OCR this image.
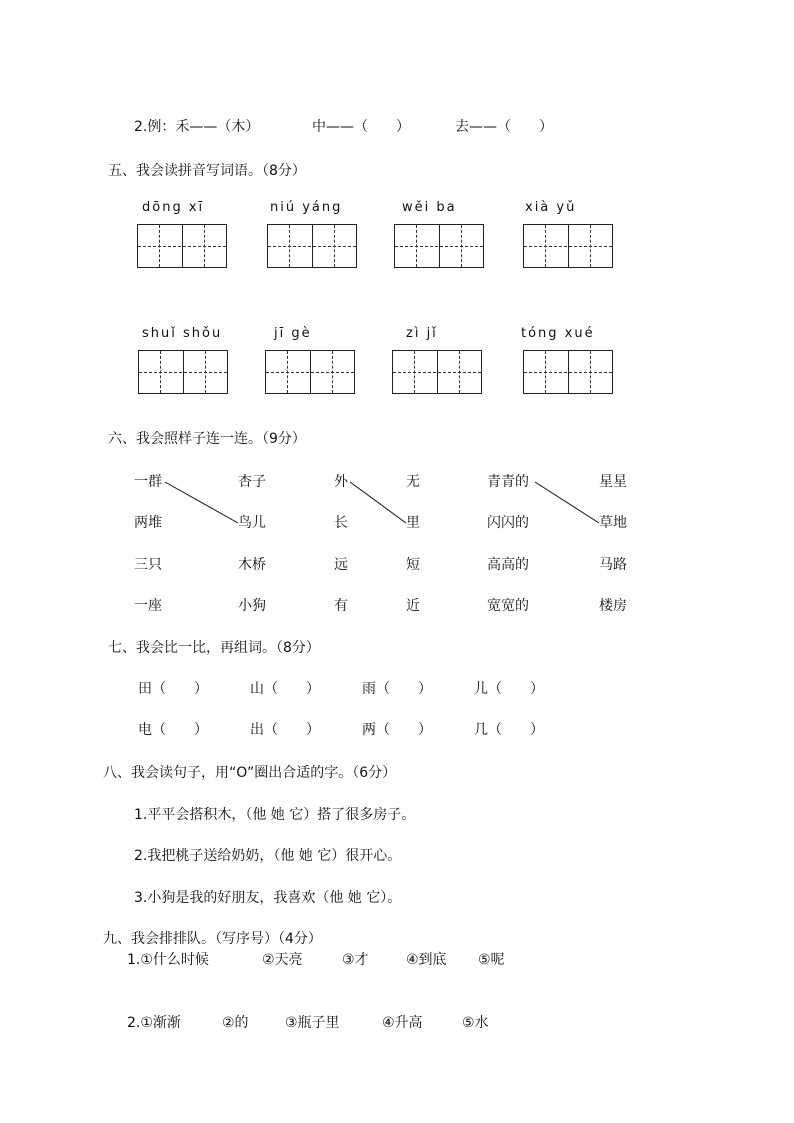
2.例：禾——（木）	中——（　　）	去——（　　）
五、我会读拼音写词语。（8分）
dōng xī	niú yáng	wěi ba	xià yǔ
shuǐ shǒu	jī gè	zì jǐ	tóng xué
六、我会照样子连一连。（9分）
一群	杏子	外	无	青青的	星星
两堆	鸟儿	长	里	闪闪的	草地
三只	木桥	远	短	高高的	马路
一座	小狗	有	近	宽宽的	楼房
七、我会比一比，再组词。（8分）
田（　　）	山（　　）	雨（　　）	儿（　　）
电（　　）	出（　　）	两（　　）	几（　　）
八、我会读句子，用“O”圈出合适的字。（6分）
1.平平会搭积木，（他 她 它）搭了很多房子。
2.我把桃子送给奶奶，（他 她 它）很开心。
3.小狗是我的好朋友，我喜欢（他 她 它）。
九、我会排排队。（写序号）（4分）
1.①什么时候	②天亮	③才	④到底 ⑤呢
2.①渐渐	②的	③瓶子里	④升高	⑤水
